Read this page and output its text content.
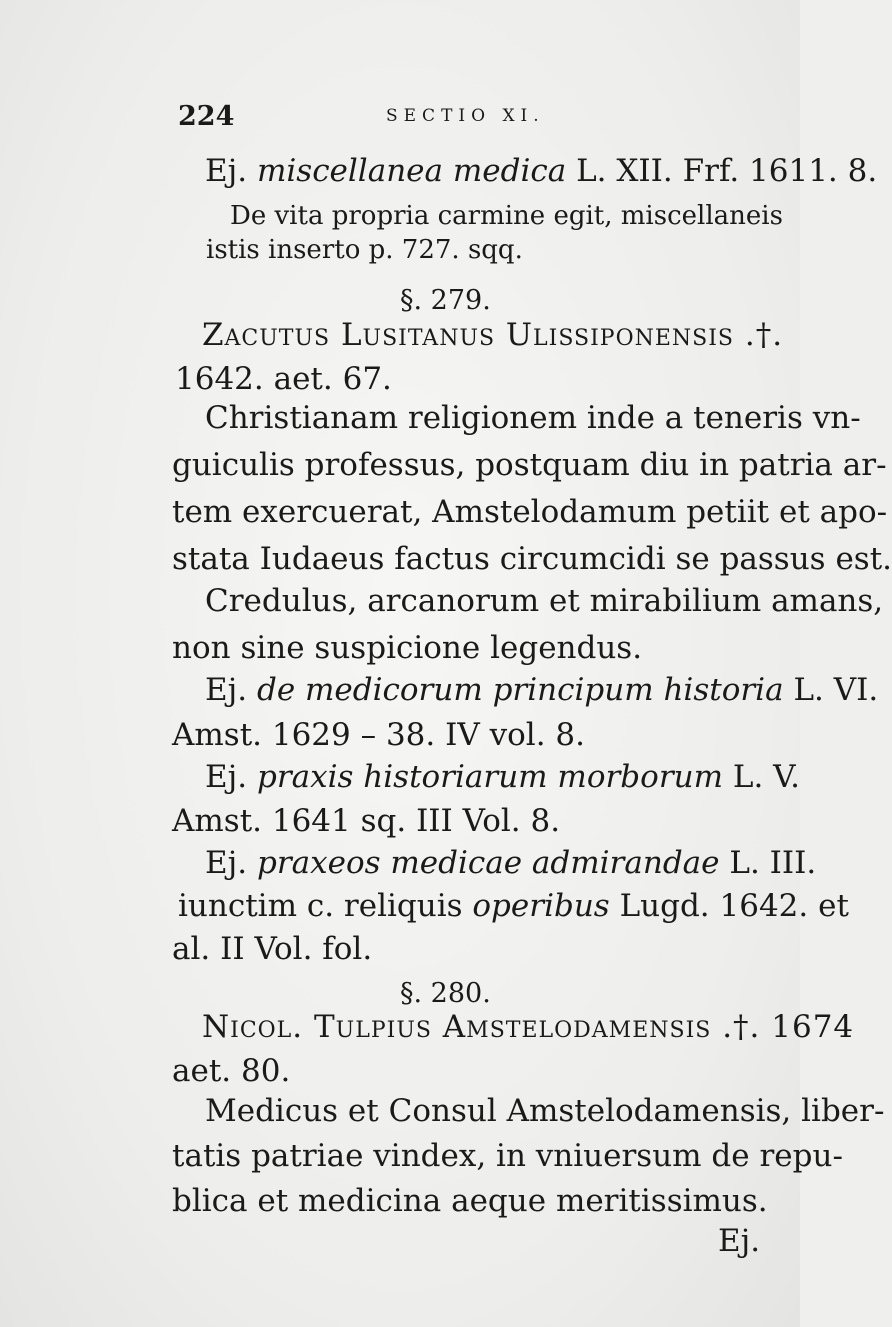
224	SECTIO XI.
Ej. miscellanea medica L. XII. Frf. 1611. 8.
De vita propria carmine egit, miscellaneis
istis inserto p. 727. sqq.
§. 279.
Zacutus Lusitanus Ulissiponensis .†.
1642. aet. 67.
Christianam religionem inde a teneris vn-
guiculis professus, postquam diu in patria ar-
tem exercuerat, Amstelodamum petiit et apo-
stata Iudaeus factus circumcidi se passus est.
Credulus, arcanorum et mirabilium amans,
non sine suspicione legendus.
Ej. de medicorum principum historia L. VI.
Amst. 1629 – 38. IV vol. 8.
Ej. praxis historiarum morborum L. V.
Amst. 1641 sq. III Vol. 8.
Ej. praxeos medicae admirandae L. III.
iunctim c. reliquis operibus Lugd. 1642. et
al. II Vol. fol.
§. 280.
Nicol. Tulpius Amstelodamensis .†. 1674
aet. 80.
Medicus et Consul Amstelodamensis, liber-
tatis patriae vindex, in vniuersum de repu-
blica et medicina aeque meritissimus.
Ej.
